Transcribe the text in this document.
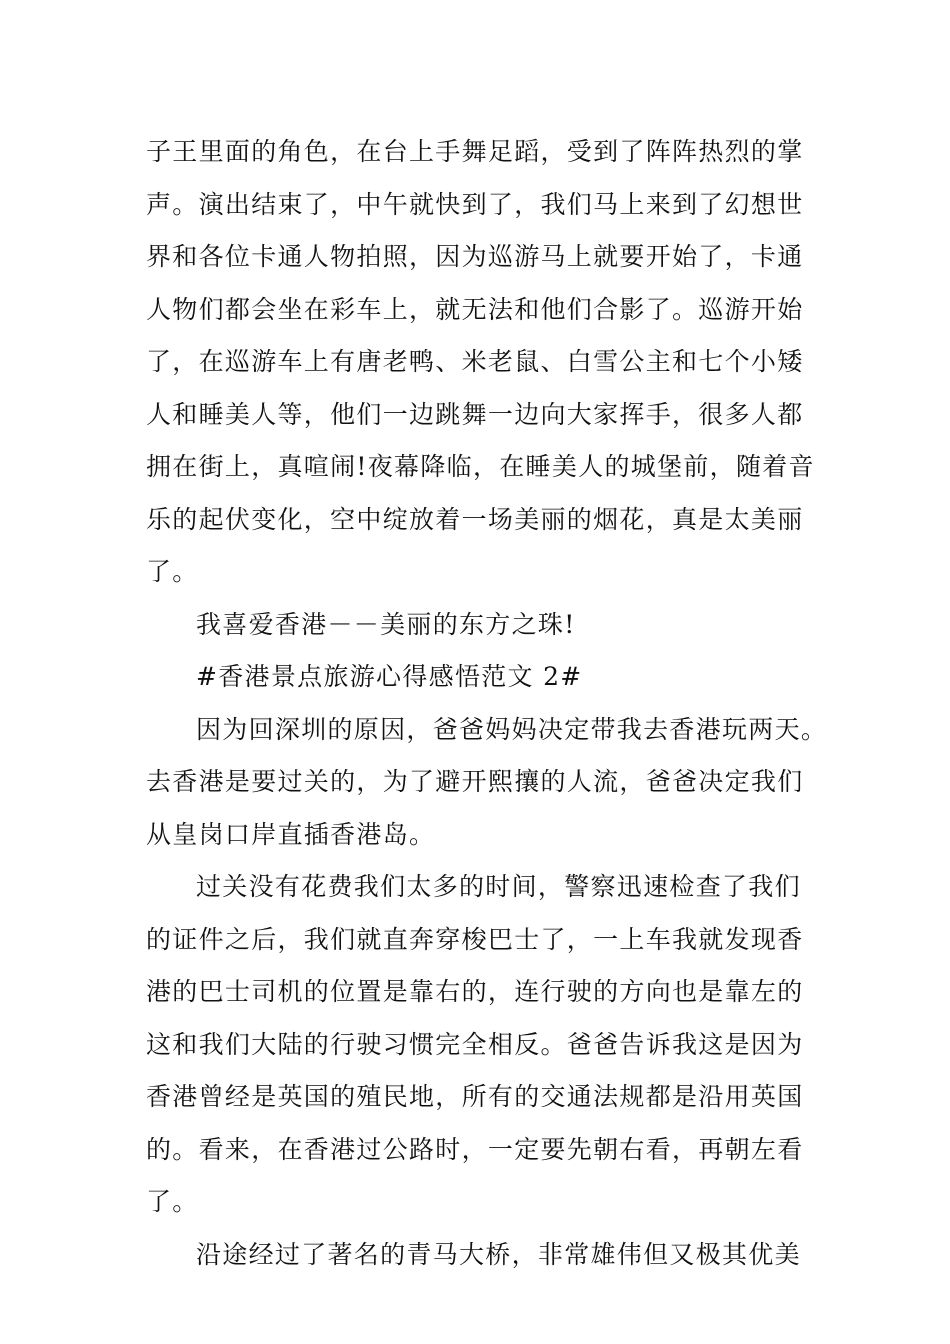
子王里面的角色，在台上手舞足蹈，受到了阵阵热烈的掌
声。演出结束了，中午就快到了，我们马上来到了幻想世
界和各位卡通人物拍照，因为巡游马上就要开始了，卡通
人物们都会坐在彩车上，就无法和他们合影了。巡游开始
了，在巡游车上有唐老鸭、米老鼠、白雪公主和七个小矮
人和睡美人等，他们一边跳舞一边向大家挥手，很多人都
拥在街上，真喧闹!夜幕降临，在睡美人的城堡前，随着音
乐的起伏变化，空中绽放着一场美丽的烟花，真是太美丽
了。
我喜爱香港－－美丽的东方之珠!
#香港景点旅游心得感悟范文 2#
因为回深圳的原因，爸爸妈妈决定带我去香港玩两天。
去香港是要过关的，为了避开熙攘的人流，爸爸决定我们
从皇岗口岸直插香港岛。
过关没有花费我们太多的时间，警察迅速检查了我们
的证件之后，我们就直奔穿梭巴士了，一上车我就发现香
港的巴士司机的位置是靠右的，连行驶的方向也是靠左的
这和我们大陆的行驶习惯完全相反。爸爸告诉我这是因为
香港曾经是英国的殖民地，所有的交通法规都是沿用英国
的。看来，在香港过公路时，一定要先朝右看，再朝左看
了。
沿途经过了著名的青马大桥，非常雄伟但又极其优美
